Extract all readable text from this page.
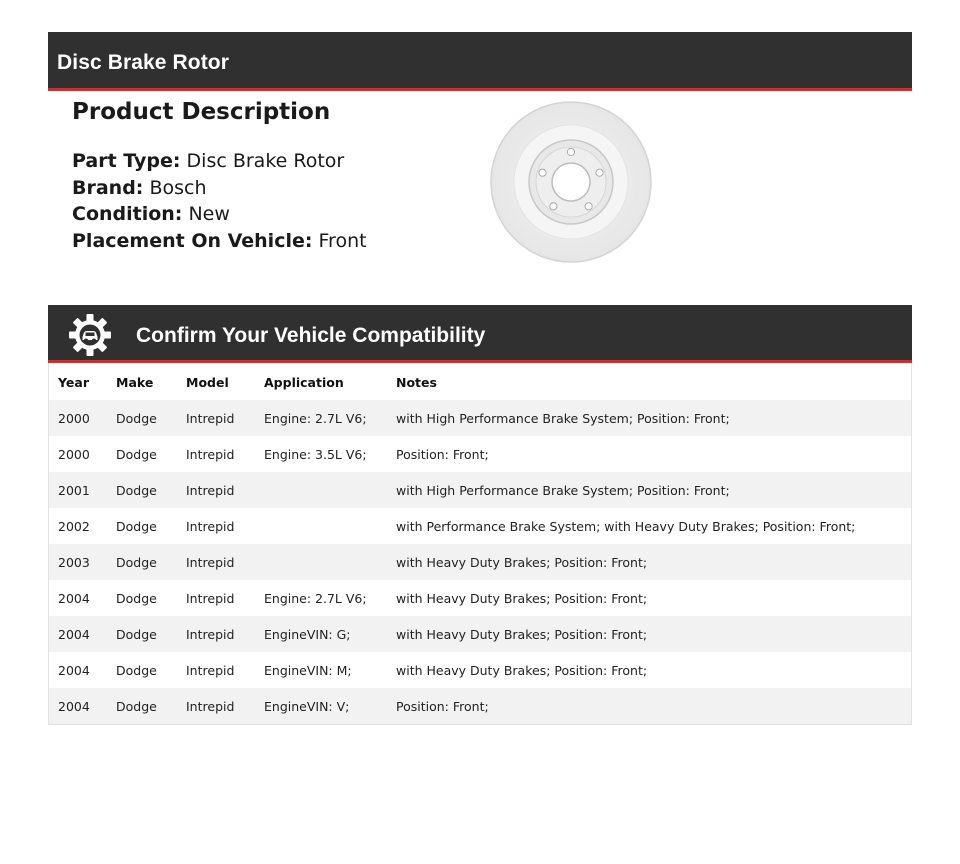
Disc Brake Rotor
Product Description
Part Type: Disc Brake Rotor
Brand: Bosch
Condition: New
Placement On Vehicle: Front
Confirm Your Vehicle Compatibility
Year	Make	Model	Application	Notes
2000	Dodge	Intrepid	Engine: 2.7L V6;	with High Performance Brake System; Position: Front;
2000	Dodge	Intrepid	Engine: 3.5L V6;	Position: Front;
2001	Dodge	Intrepid		with High Performance Brake System; Position: Front;
2002	Dodge	Intrepid		with Performance Brake System; with Heavy Duty Brakes; Position: Front;
2003	Dodge	Intrepid		with Heavy Duty Brakes; Position: Front;
2004	Dodge	Intrepid	Engine: 2.7L V6;	with Heavy Duty Brakes; Position: Front;
2004	Dodge	Intrepid	EngineVIN: G;	with Heavy Duty Brakes; Position: Front;
2004	Dodge	Intrepid	EngineVIN: M;	with Heavy Duty Brakes; Position: Front;
2004	Dodge	Intrepid	EngineVIN: V;	Position: Front;
